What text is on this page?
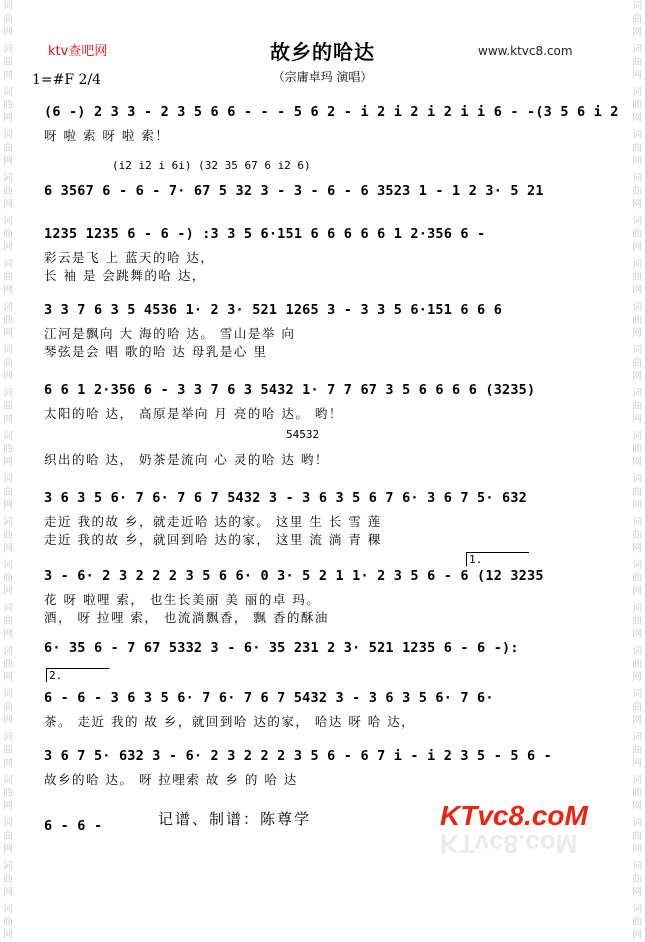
词
曲
网
词
曲
网
词
曲
网
词
曲
网
词
曲
网
词
曲
网
词
曲
网
词
曲
网
词
曲
网
词
曲
网
词
曲
网
词
曲
网
词
曲
网
词
曲
网
词
曲
网
词
曲
网
词
曲
网
词
曲
网
词
曲
网
词
曲
网
词
曲
网
词
曲
网
词
曲
网
词
曲
网
词
曲
网
词
曲
网
词
曲
网
词
曲
网
词
曲
网
词
曲
网
词
曲
网
词
曲
网
词
曲
网
词
曲
网
词
曲
网
词
曲
网
词
曲
网
词
曲
网
词
曲
网
词
曲
网
词
曲
网
词
曲
网
词
曲
网
词
曲
网
ktv查吧网	故乡的哈达	www.ktvc8.com
（宗庸卓玛 演唱）
1=#F 2/4
(6 -) 2 3 3 - 2 3 5 6 6 - - - 5 6 2 - i 2 i 2 i 2 i i 6 - -(3 5 6 i 2
呀 啦 索 呀 啦 索！
(i2 i2 i 6i) (32 35 67 6 i2 6)
6 3567 6 - 6 - 7· 67 5 32 3 - 3 - 6 - 6 3523 1 - 1 2 3· 5 21
1235 1235 6 - 6 -) :3 3 5 6·151 6 6 6 6 6 1 2·356 6 -
彩云是飞 上 蓝天的哈 达，
长 袖 是 会跳舞的哈 达，
3 3 7 6 3 5 4536 1· 2 3· 521 1265 3 - 3 3 5 6·151 6 6 6
江河是飘向 大 海的哈 达。 雪山是举 向
琴弦是会 唱 歌的哈 达 母乳是心 里
6 6 1 2·356 6 - 3 3 7 6 3 5432 1· 7 7 67 3 5 6 6 6 6 (3235)
太阳的哈 达， 高原是举向 月 亮的哈 达。 哟！
54532
织出的哈 达， 奶茶是流向 心 灵的哈 达 哟！
3 6 3 5 6· 7 6· 7 6 7 5432 3 - 3 6 3 5 6 7 6· 3 6 7 5· 632
走近 我的故 乡，就走近哈 达的家。 这里 生 长 雪 莲
走近 我的故 乡，就回到哈 达的家， 这里 流 淌 青 稞
3 - 6· 2 3 2 2 2 3 5 6 6· 0 3· 5 2 1 1· 2 3 5 6 - 6 (12 3235
花 呀 啦哩 索， 也生长美丽 美 丽的卓 玛。
酒， 呀 拉哩 索， 也流淌飘香， 飘 香的酥油
6· 35 6 - 7 67 5332 3 - 6· 35 231 2 3· 521 1235 6 - 6 -):
6 - 6 - 3 6 3 5 6· 7 6· 7 6 7 5432 3 - 3 6 3 5 6· 7 6·
茶。 走近 我的 故 乡，就回到哈 达的家， 哈达 呀 哈 达，
3 6 7 5· 632 3 - 6· 2 3 2 2 2 3 5 6 - 6 7 i - i 2 3 5 - 5 6 -
故乡的哈 达。 呀 拉哩索 故 乡 的 哈 达
6 - 6 -
1.
2.
记谱、制谱：陈尊学	KTvc8.coM
KTvc8.coM
